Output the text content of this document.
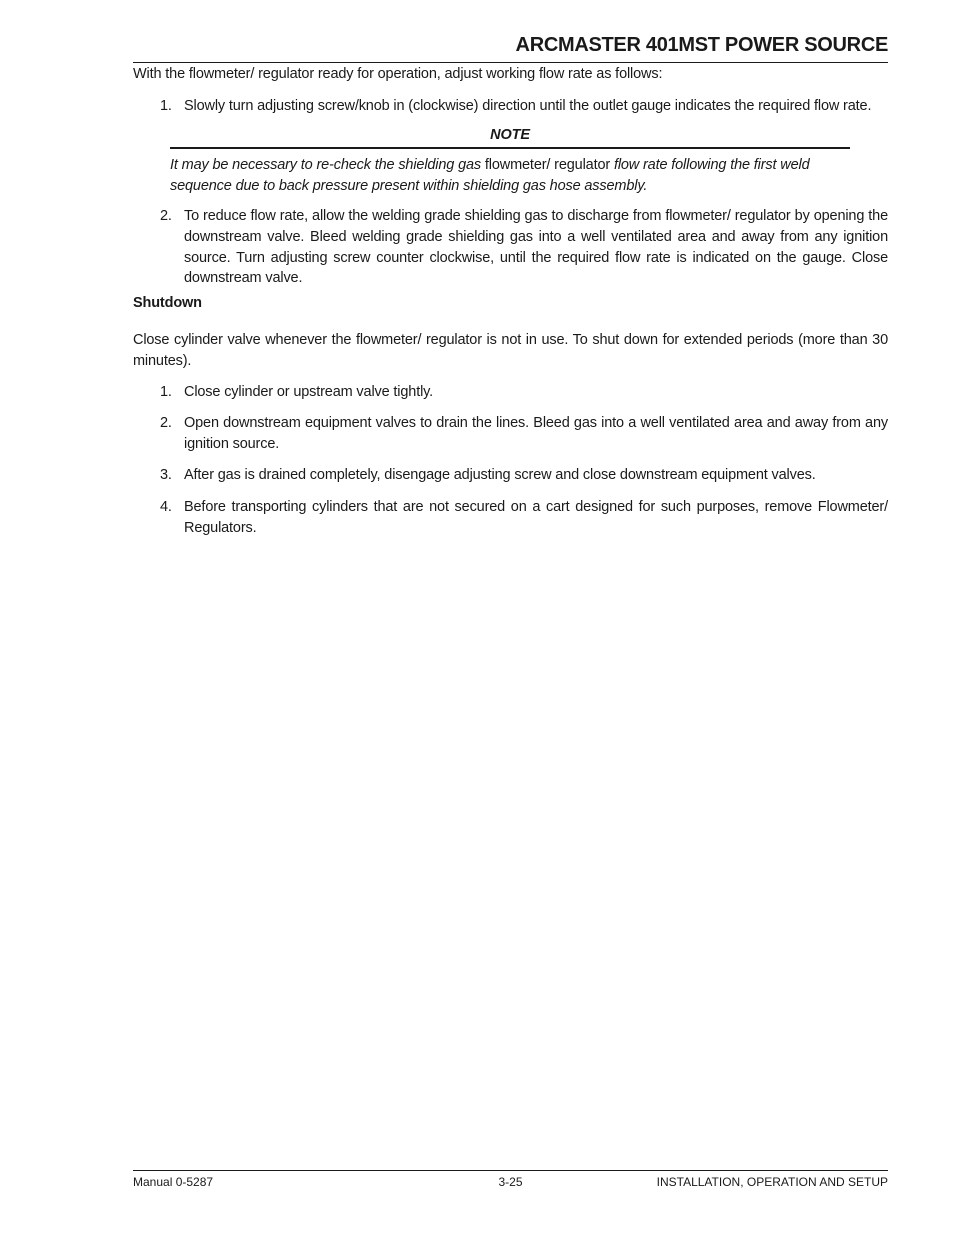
ARCMASTER 401MST POWER SOURCE

With the flowmeter/ regulator ready for operation, adjust working flow rate as follows:

1. Slowly turn adjusting screw/knob in (clockwise) direction until the outlet gauge indicates the required flow rate.
NOTE
It may be necessary to re-check the shielding gas flowmeter/ regulator flow rate following the first weld sequence due to back pressure present within shielding gas hose assembly.
2. To reduce flow rate, allow the welding grade shielding gas to discharge from flowmeter/ regulator by opening the downstream valve. Bleed welding grade shielding gas into a well ventilated area and away from any ignition source. Turn adjusting screw counter clockwise, until the required flow rate is indicated on the gauge. Close downstream valve.

Shutdown

Close cylinder valve whenever the flowmeter/ regulator is not in use. To shut down for extended periods (more than 30 minutes).

1. Close cylinder or upstream valve tightly.
2. Open downstream equipment valves to drain the lines. Bleed gas into a well ventilated area and away from any ignition source.
3. After gas is drained completely, disengage adjusting screw and close downstream equipment valves.
4. Before transporting cylinders that are not secured on a cart designed for such purposes, remove Flowmeter/ Regulators.
Manual 0-5287	3-25	INSTALLATION, OPERATION AND SETUP
